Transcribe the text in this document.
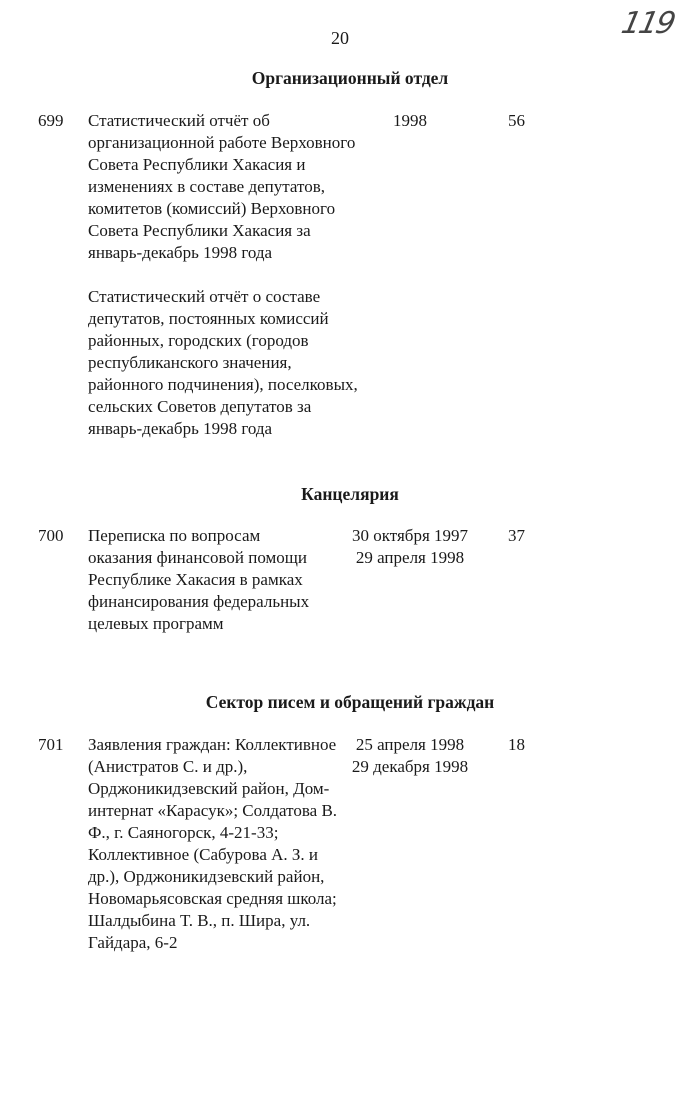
20	119
Организационный отдел
699 Статистический отчёт об организационной работе Верховного Совета Республики Хакасия и изменениях в составе депутатов, комитетов (комиссий) Верховного Совета Республики Хакасия за январь-декабрь 1998 года
Статистический отчёт о составе депутатов, постоянных комиссий районных, городских (городов республиканского значения, районного подчинения), поселковых, сельских Советов депутатов за январь-декабрь 1998 года
1998	56
Канцелярия
700 Переписка по вопросам оказания финансовой помощи Республике Хакасия в рамках финансирования федеральных целевых программ
30 октября 1997
29 апреля 1998
37
Сектор писем и обращений граждан
701 Заявления граждан: Коллективное (Анистратов С. и др.), Орджоникидзевский район, Дом-интернат «Карасук»; Солдатова В. Ф., г. Саяногорск, 4-21-33; Коллективное (Сабурова А. З. и др.), Орджоникидзевский район, Новомарьясовская средняя школа; Шалдыбина Т. В., п. Шира, ул. Гайдара, 6-2
25 апреля 1998
29 декабря 1998
18
